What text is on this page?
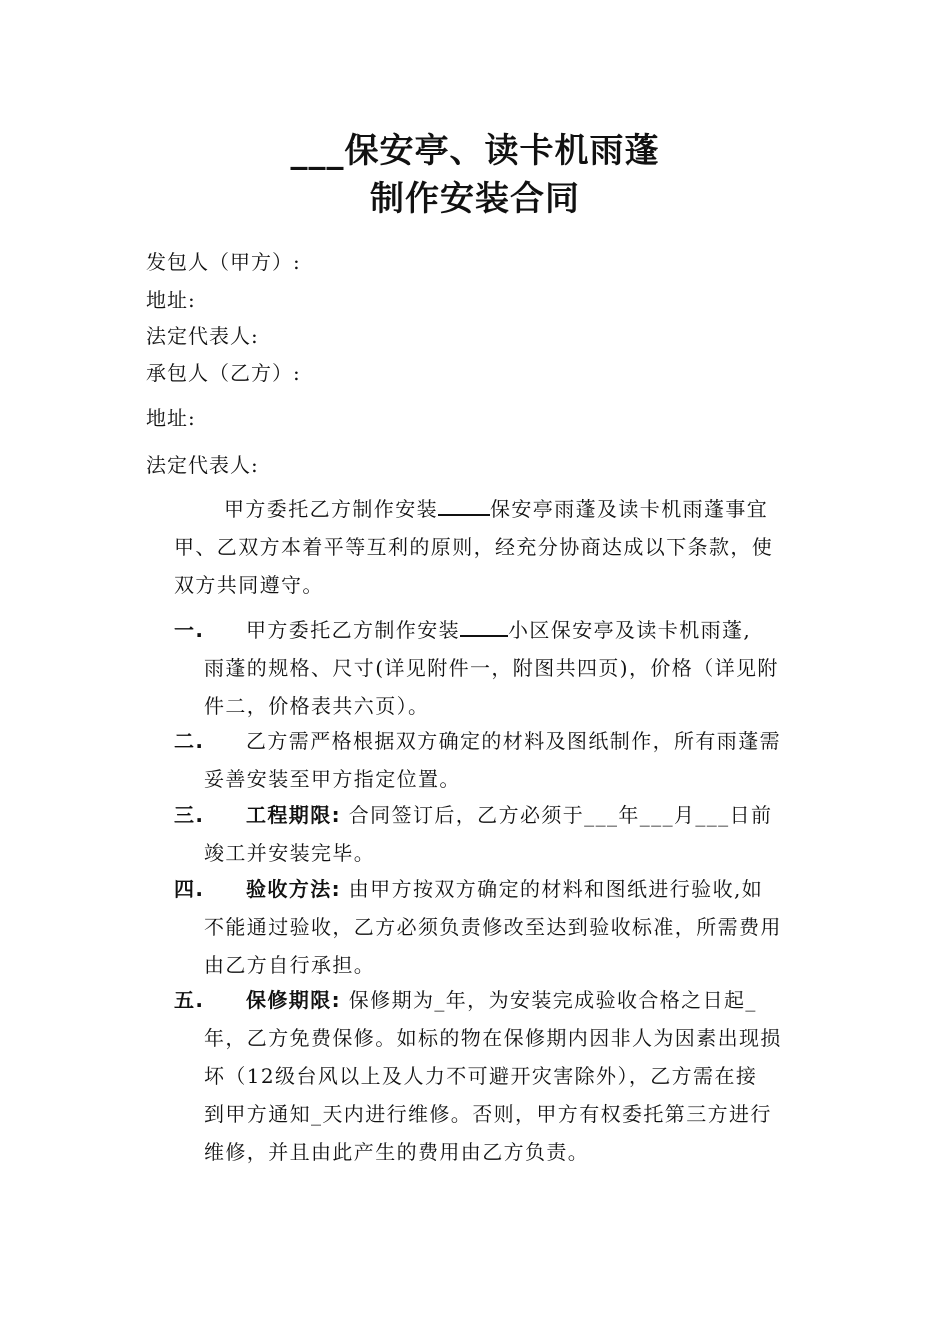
___保安亭、读卡机雨蓬
制作安装合同
发包人（甲方）:
地址:
法定代表人:
承包人（乙方）:
地址:
法定代表人:
甲方委托乙方制作安装	保安亭雨蓬及读卡机雨蓬事宜
甲、乙双方本着平等互利的原则，经充分协商达成以下条款，使
双方共同遵守。
一. 甲方委托乙方制作安装 小区保安亭及读卡机雨蓬,
雨蓬的规格、尺寸(详见附件一，附图共四页)，价格（详见附
件二，价格表共六页）。
二. 乙方需严格根据双方确定的材料及图纸制作，所有雨蓬需
妥善安装至甲方指定位置。
三. 工程期限: 合同签订后，乙方必须于___年___月___日前
竣工并安装完毕。
四. 验收方法: 由甲方按双方确定的材料和图纸进行验收,如
不能通过验收，乙方必须负责修改至达到验收标准，所需费用
由乙方自行承担。
五. 保修期限: 保修期为_年，为安装完成验收合格之日起_
年，乙方免费保修。如标的物在保修期内因非人为因素出现损
坏（12级台风以上及人力不可避开灾害除外），乙方需在接
到甲方通知_天内进行维修。否则，甲方有权委托第三方进行
维修，并且由此产生的费用由乙方负责。
